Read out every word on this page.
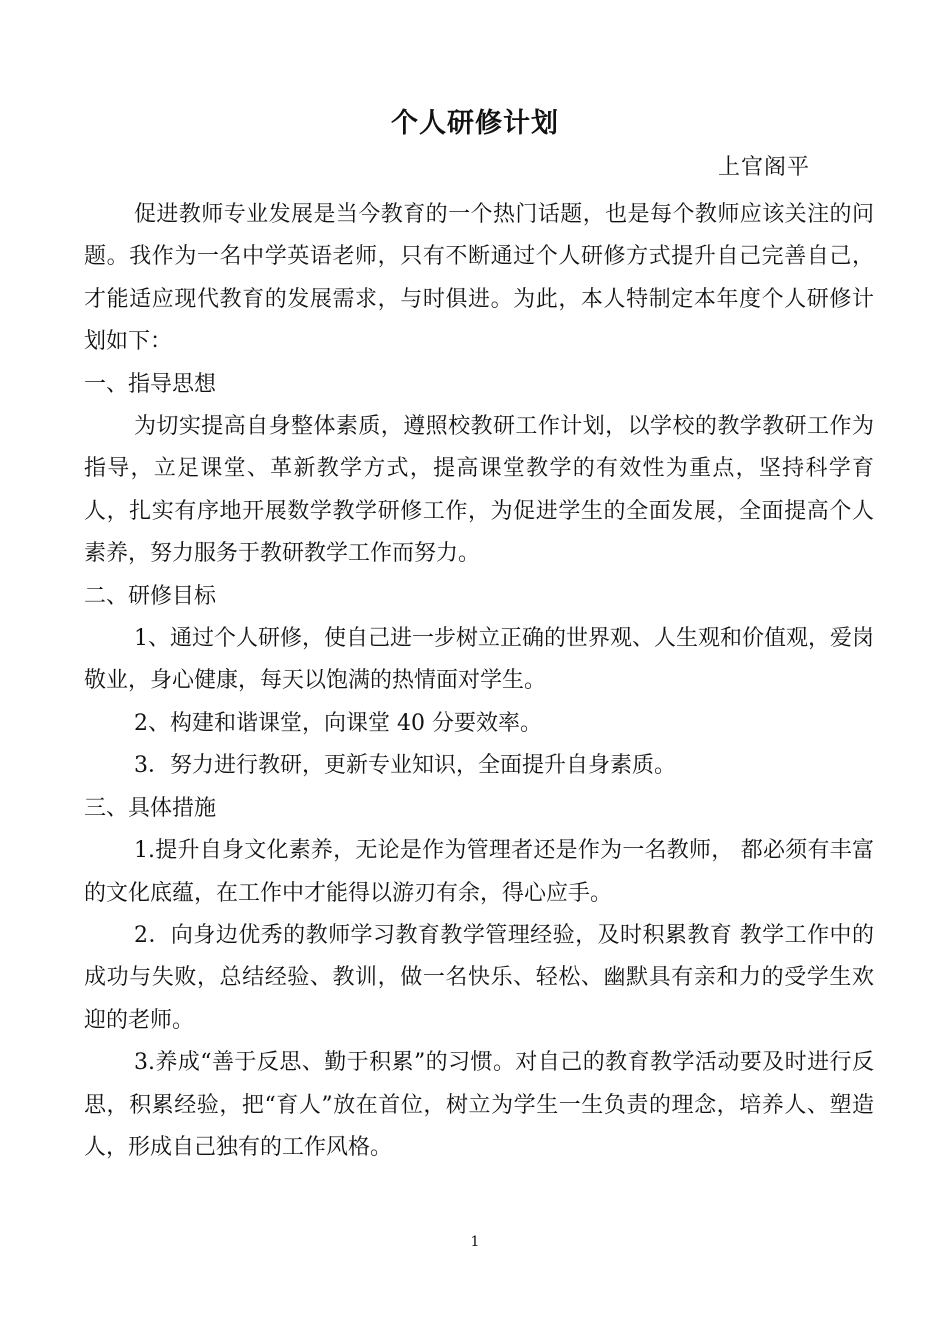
个人研修计划
上官阁平

促进教师专业发展是当今教育的一个热门话题，也是每个教师应该关注的问题。我作为一名中学英语老师，只有不断通过个人研修方式提升自己完善自己，才能适应现代教育的发展需求，与时俱进。为此，本人特制定本年度个人研修计划如下：

一、指导思想

为切实提高自身整体素质，遵照校教研工作计划，以学校的教学教研工作为指导，立足课堂、革新教学方式，提高课堂教学的有效性为重点，坚持科学育人，扎实有序地开展数学教学研修工作，为促进学生的全面发展，全面提高个人素养，努力服务于教研教学工作而努力。

二、研修目标

1、通过个人研修，使自己进一步树立正确的世界观、人生观和价值观，爱岗敬业，身心健康，每天以饱满的热情面对学生。

2、构建和谐课堂，向课堂 40 分要效率。

3．努力进行教研，更新专业知识，全面提升自身素质。

三、具体措施

1.提升自身文化素养，无论是作为管理者还是作为一名教师， 都必须有丰富的文化底蕴，在工作中才能得以游刃有余，得心应手。

2．向身边优秀的教师学习教育教学管理经验，及时积累教育 教学工作中的成功与失败，总结经验、教训，做一名快乐、轻松、幽默具有亲和力的受学生欢迎的老师。

3.养成“善于反思、勤于积累”的习惯。对自己的教育教学活动要及时进行反思，积累经验，把“育人”放在首位，树立为学生一生负责的理念，培养人、塑造人，形成自己独有的工作风格。

1
